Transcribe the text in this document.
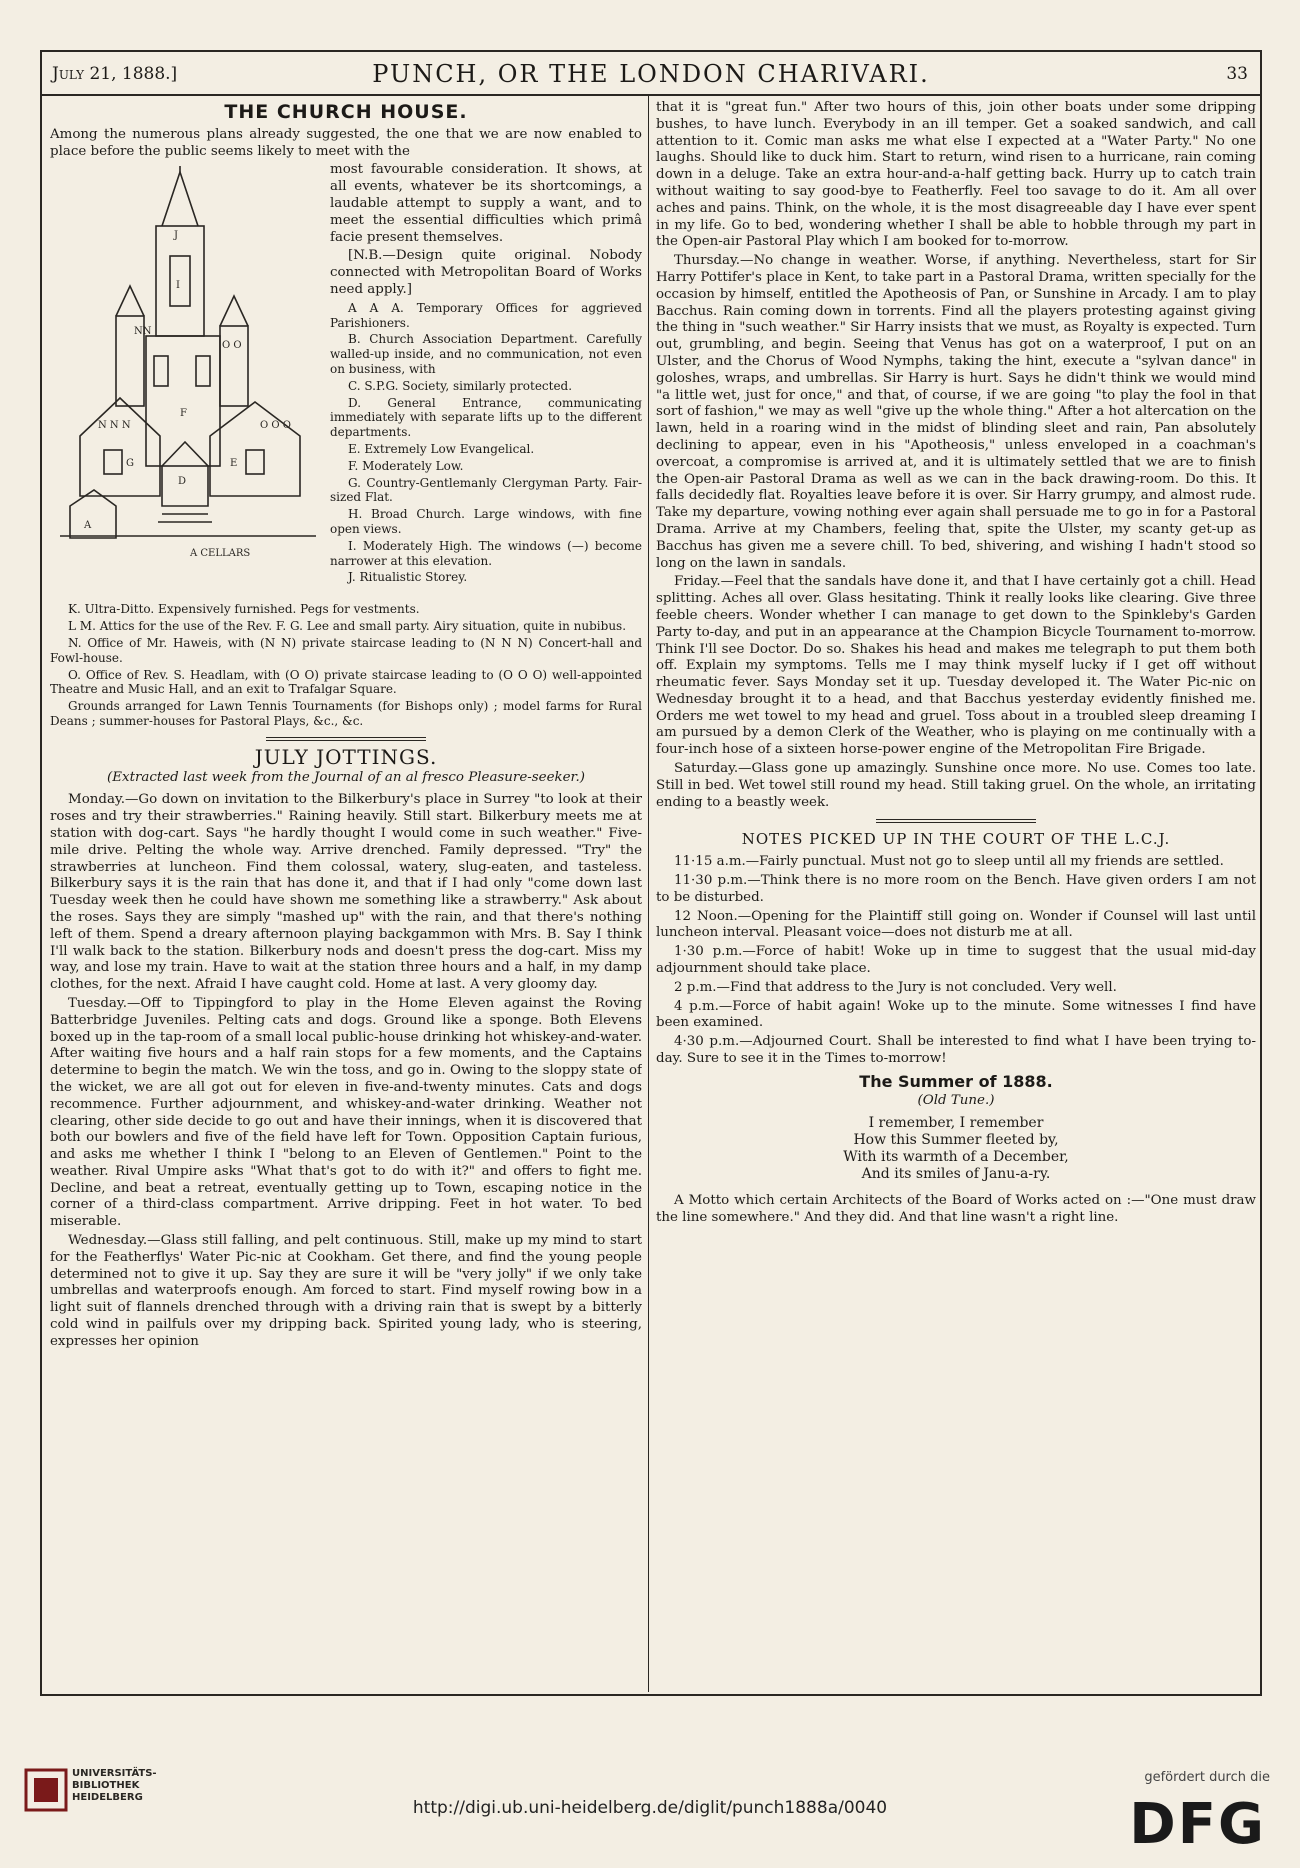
July 21, 1888.]	PUNCH, OR THE LONDON CHARIVARI.	33
THE CHURCH HOUSE.

Among the numerous plans already suggested, the one that we are now enabled to place before the public seems likely to meet with the

J
I
NN
O O
N N N	O O O
D
G	E
F
A
A CELLARS

most favourable consideration. It shows, at all events, whatever be its shortcomings, a laudable attempt to supply a want, and to meet the essential difficulties which primâ facie present themselves.

[N.B.—Design quite original. Nobody connected with Metropolitan Board of Works need apply.]

A A A. Temporary Offices for aggrieved Parishioners.

B. Church Association Department. Carefully walled-up inside, and no communication, not even on business, with

C. S.P.G. Society, similarly protected.

D. General Entrance, communicating immediately with separate lifts up to the different departments.

E. Extremely Low Evangelical.

F. Moderately Low.

G. Country-Gentlemanly Clergyman Party. Fair-sized Flat.

H. Broad Church. Large windows, with fine open views.

I. Moderately High. The windows (—) become narrower at this elevation.

J. Ritualistic Storey.

K. Ultra-Ditto. Expensively furnished. Pegs for vestments.

L M. Attics for the use of the Rev. F. G. Lee and small party. Airy situation, quite in nubibus.

N. Office of Mr. Haweis, with (N N) private staircase leading to (N N N) Concert-hall and Fowl-house.

O. Office of Rev. S. Headlam, with (O O) private staircase leading to (O O O) well-appointed Theatre and Music Hall, and an exit to Trafalgar Square.

Grounds arranged for Lawn Tennis Tournaments (for Bishops only) ; model farms for Rural Deans ; summer-houses for Pastoral Plays, &c., &c.

JULY JOTTINGS.

(Extracted last week from the Journal of an al fresco Pleasure-seeker.)

Monday.—Go down on invitation to the Bilkerbury's place in Surrey "to look at their roses and try their strawberries." Raining heavily. Still start. Bilkerbury meets me at station with dog-cart. Says "he hardly thought I would come in such weather." Five-mile drive. Pelting the whole way. Arrive drenched. Family depressed. "Try" the strawberries at luncheon. Find them colossal, watery, slug-eaten, and tasteless. Bilkerbury says it is the rain that has done it, and that if I had only "come down last Tuesday week then he could have shown me something like a strawberry." Ask about the roses. Says they are simply "mashed up" with the rain, and that there's nothing left of them. Spend a dreary afternoon playing backgammon with Mrs. B. Say I think I'll walk back to the station. Bilkerbury nods and doesn't press the dog-cart. Miss my way, and lose my train. Have to wait at the station three hours and a half, in my damp clothes, for the next. Afraid I have caught cold. Home at last. A very gloomy day.

Tuesday.—Off to Tippingford to play in the Home Eleven against the Roving Batterbridge Juveniles. Pelting cats and dogs. Ground like a sponge. Both Elevens boxed up in the tap-room of a small local public-house drinking hot whiskey-and-water. After waiting five hours and a half rain stops for a few moments, and the Captains determine to begin the match. We win the toss, and go in. Owing to the sloppy state of the wicket, we are all got out for eleven in five-and-twenty minutes. Cats and dogs recommence. Further adjournment, and whiskey-and-water drinking. Weather not clearing, other side decide to go out and have their innings, when it is discovered that both our bowlers and five of the field have left for Town. Opposition Captain furious, and asks me whether I think I "belong to an Eleven of Gentlemen." Point to the weather. Rival Umpire asks "What that's got to do with it?" and offers to fight me. Decline, and beat a retreat, eventually getting up to Town, escaping notice in the corner of a third-class compartment. Arrive dripping. Feet in hot water. To bed miserable.

Wednesday.—Glass still falling, and pelt continuous. Still, make up my mind to start for the Featherflys' Water Pic-nic at Cookham. Get there, and find the young people determined not to give it up. Say they are sure it will be "very jolly" if we only take umbrellas and waterproofs enough. Am forced to start. Find myself rowing bow in a light suit of flannels drenched through with a driving rain that is swept by a bitterly cold wind in pailfuls over my dripping back. Spirited young lady, who is steering, expresses her opinion

that it is "great fun." After two hours of this, join other boats under some dripping bushes, to have lunch. Everybody in an ill temper. Get a soaked sandwich, and call attention to it. Comic man asks me what else I expected at a "Water Party." No one laughs. Should like to duck him. Start to return, wind risen to a hurricane, rain coming down in a deluge. Take an extra hour-and-a-half getting back. Hurry up to catch train without waiting to say good-bye to Featherfly. Feel too savage to do it. Am all over aches and pains. Think, on the whole, it is the most disagreeable day I have ever spent in my life. Go to bed, wondering whether I shall be able to hobble through my part in the Open-air Pastoral Play which I am booked for to-morrow.

Thursday.—No change in weather. Worse, if anything. Nevertheless, start for Sir Harry Pottifer's place in Kent, to take part in a Pastoral Drama, written specially for the occasion by himself, entitled the Apotheosis of Pan, or Sunshine in Arcady. I am to play Bacchus. Rain coming down in torrents. Find all the players protesting against giving the thing in "such weather." Sir Harry insists that we must, as Royalty is expected. Turn out, grumbling, and begin. Seeing that Venus has got on a waterproof, I put on an Ulster, and the Chorus of Wood Nymphs, taking the hint, execute a "sylvan dance" in goloshes, wraps, and umbrellas. Sir Harry is hurt. Says he didn't think we would mind "a little wet, just for once," and that, of course, if we are going "to play the fool in that sort of fashion," we may as well "give up the whole thing." After a hot altercation on the lawn, held in a roaring wind in the midst of blinding sleet and rain, Pan absolutely declining to appear, even in his "Apotheosis," unless enveloped in a coachman's overcoat, a compromise is arrived at, and it is ultimately settled that we are to finish the Open-air Pastoral Drama as well as we can in the back drawing-room. Do this. It falls decidedly flat. Royalties leave before it is over. Sir Harry grumpy, and almost rude. Take my departure, vowing nothing ever again shall persuade me to go in for a Pastoral Drama. Arrive at my Chambers, feeling that, spite the Ulster, my scanty get-up as Bacchus has given me a severe chill. To bed, shivering, and wishing I hadn't stood so long on the lawn in sandals.

Friday.—Feel that the sandals have done it, and that I have certainly got a chill. Head splitting. Aches all over. Glass hesitating. Think it really looks like clearing. Give three feeble cheers. Wonder whether I can manage to get down to the Spinkleby's Garden Party to-day, and put in an appearance at the Champion Bicycle Tournament to-morrow. Think I'll see Doctor. Do so. Shakes his head and makes me telegraph to put them both off. Explain my symptoms. Tells me I may think myself lucky if I get off without rheumatic fever. Says Monday set it up. Tuesday developed it. The Water Pic-nic on Wednesday brought it to a head, and that Bacchus yesterday evidently finished me. Orders me wet towel to my head and gruel. Toss about in a troubled sleep dreaming I am pursued by a demon Clerk of the Weather, who is playing on me continually with a four-inch hose of a sixteen horse-power engine of the Metropolitan Fire Brigade.

Saturday.—Glass gone up amazingly. Sunshine once more. No use. Comes too late. Still in bed. Wet towel still round my head. Still taking gruel. On the whole, an irritating ending to a beastly week.

NOTES PICKED UP IN THE COURT OF THE L.C.J.

11·15 a.m.—Fairly punctual. Must not go to sleep until all my friends are settled.

11·30 p.m.—Think there is no more room on the Bench. Have given orders I am not to be disturbed.

12 Noon.—Opening for the Plaintiff still going on. Wonder if Counsel will last until luncheon interval. Pleasant voice—does not disturb me at all.

1·30 p.m.—Force of habit! Woke up in time to suggest that the usual mid-day adjournment should take place.

2 p.m.—Find that address to the Jury is not concluded. Very well.

4 p.m.—Force of habit again! Woke up to the minute. Some witnesses I find have been examined.

4·30 p.m.—Adjourned Court. Shall be interested to find what I have been trying to-day. Sure to see it in the Times to-morrow!

The Summer of 1888.

(Old Tune.)

I remember, I remember
How this Summer fleeted by,
With its warmth of a December,
And its smiles of Janu-a-ry.

A Motto which certain Architects of the Board of Works acted on :—"One must draw the line somewhere." And they did. And that line wasn't a right line.

UNIVERSITÄTS-
BIBLIOTHEK
HEIDELBERG
http://digi.ub.uni-heidelberg.de/diglit/punch1888a/0040
gefördert durch die
DFG
